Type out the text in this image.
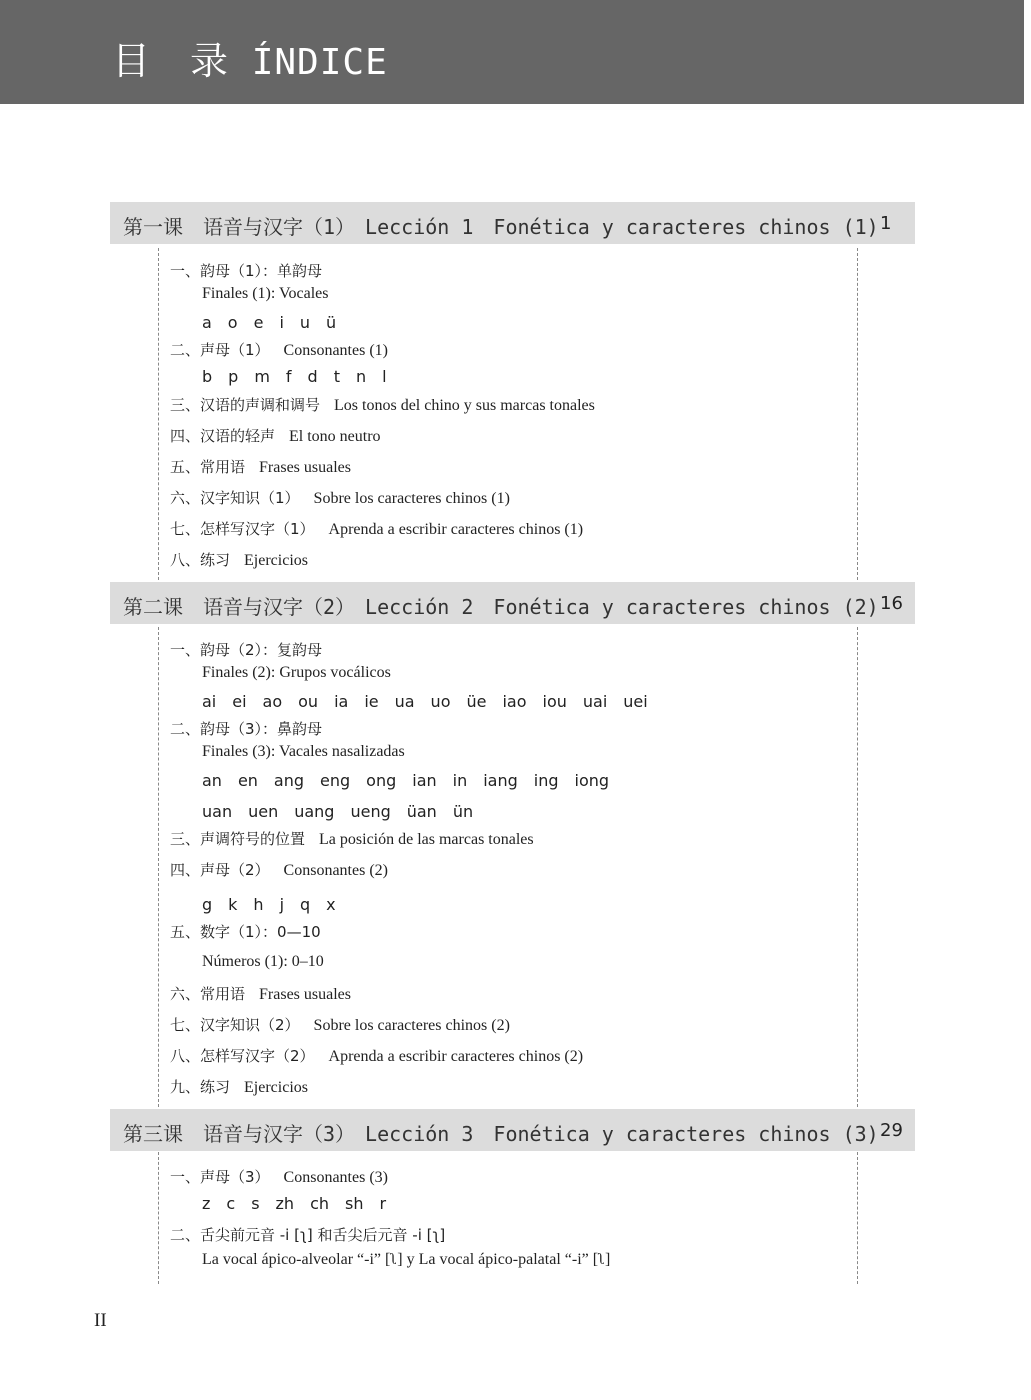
目　录 ÍNDICE
第一课　语音与汉字（1）　Lección 1　Fonética y caracteres chinos (1) 1
一、韵母（1）：单韵母
Finales (1): Vocales
a　o　e　i　u　ü
二、声母（1） Consonantes (1)
b　p　m　f　d　t　n　l
三、汉语的声调和调号 Los tonos del chino y sus marcas tonales
四、汉语的轻声 El tono neutro
五、常用语 Frases usuales
六、汉字知识（1） Sobre los caracteres chinos (1)
七、怎样写汉字（1） Aprenda a escribir caracteres chinos (1)
八、练习 Ejercicios
第二课　语音与汉字（2）　Lección 2　Fonética y caracteres chinos (2) 16
一、韵母（2）：复韵母
Finales (2): Grupos vocálicos
ai　ei　ao　ou　ia　ie　ua　uo　üe　iao　iou　uai　uei
二、韵母（3）：鼻韵母
Finales (3): Vacales nasalizadas
an　en　ang　eng　ong　ian　in　iang　ing　iong
uan　uen　uang　ueng　üan　ün
三、声调符号的位置 La posición de las marcas tonales
四、声母（2） Consonantes (2)
g　k　h　j　q　x
五、数字（1）：0—10
Números (1): 0–10
六、常用语 Frases usuales
七、汉字知识（2） Sobre los caracteres chinos (2)
八、怎样写汉字（2） Aprenda a escribir caracteres chinos (2)
九、练习 Ejercicios
第三课　语音与汉字（3）　Lección 3　Fonética y caracteres chinos (3) 29
一、声母（3） Consonantes (3)
z　c　s　zh　ch　sh　r
二、舌尖前元音 -i [ʅ] 和舌尖后元音 -i [ʅ]
La vocal ápico-alveolar “-i” [ʅ] y La vocal ápico-palatal “-i” [ʅ]
II
